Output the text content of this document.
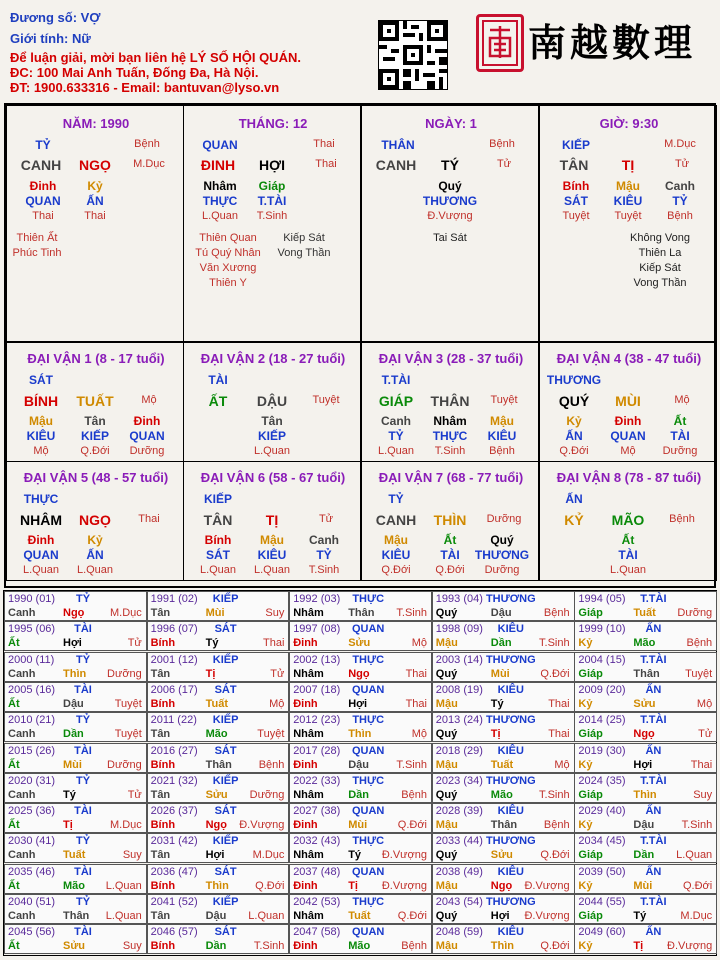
Đương số: VỢ
Giới tính: Nữ
Để luận giải, mời bạn liên hệ LÝ SỐ HỘI QUÁN.
ĐC: 100 Mai Anh Tuấn, Đống Đa, Hà Nội.
ĐT: 1900.633316 - Email: bantuvan@lyso.vn
南越數理
NĂM: 1990
TỶ	Bệnh
CANH NGỌ M.Dục
Đinh
QUAN
Thai
Kỷ
ẤN
Thai
Thiên Ất
Phúc Tinh
THÁNG: 12
QUAN	Thai
ĐINH HỢI	Thai
Nhâm
THỰC
L.Quan
Giáp
T.TÀI
T.Sinh
Thiên Quan
Tú Quý Nhân
Văn Xương
Thiên Y
Kiếp Sát
Vong Thần
NGÀY: 1
THÂN	Bệnh
CANH TÝ	Tử
Quý
THƯƠNG
Đ.Vượng
Tai Sát
GIỜ: 9:30
KIẾP	M.Dục
TÂN TỊ	Tử
Bính
SÁT
Tuyệt
Mậu
KIÊU
Tuyệt
Canh
TỶ
Bệnh
Không Vong
Thiên La
Kiếp Sát
Vong Thần
ĐẠI VẬN 1 (8 - 17 tuổi)
SÁT
BÍNH TUẤT	Mộ
Mậu
KIÊU
Mộ
Tân
KIẾP
Q.Đới
Đinh
QUAN
Dưỡng
ĐẠI VẬN 2 (18 - 27 tuổi)
TÀI
ẤT DẬU Tuyệt
Tân
KIẾP
L.Quan
ĐẠI VẬN 3 (28 - 37 tuổi)
T.TÀI
GIÁP THÂN Tuyệt
Canh
TỶ
L.Quan
Nhâm
THỰC
T.Sinh
Mậu
KIÊU
Bệnh
ĐẠI VẬN 4 (38 - 47 tuổi)
THƯƠNG
QUÝ MÙI	Mộ
Kỷ
ẤN
Q.Đới
Đinh
QUAN
Mộ
Ất
TÀI
Dưỡng
ĐẠI VẬN 5 (48 - 57 tuổi)
THỰC
NHÂM NGỌ Thai
Đinh
QUAN
L.Quan
Kỷ
ẤN
L.Quan
ĐẠI VẬN 6 (58 - 67 tuổi)
KIẾP
TÂN TỊ	Tử
Bính
SÁT
L.Quan
Mậu
KIÊU
L.Quan
Canh
TỶ
T.Sinh
ĐẠI VẬN 7 (68 - 77 tuổi)
TỶ
CANH THÌN Dưỡng
Mậu
KIÊU
Q.Đới
Ất
TÀI
Q.Đới
Quý
THƯƠNG
Dưỡng
ĐẠI VẬN 8 (78 - 87 tuổi)
ẤN
KỶ MÃO Bệnh
Ất
TÀI
L.Quan
1990 (01) TỶ
Canh	Ngọ M.Dục
1991 (02) KIẾP
Tân	Mùi	Suy
1992 (03) THỰC
Nhâm Thân T.Sinh
1993 (04) THƯƠNG
Quý	Dậu	Bệnh
1994 (05) T.TÀI
Giáp	Tuất Dưỡng
1995 (06) TÀI
Ất	Hợi	Tử
1996 (07) SÁT
Bính	Tý	Thai
1997 (08) QUAN
Đinh	Sửu	Mộ
1998 (09) KIÊU
Mậu	Dần T.Sinh
1999 (10) ẤN
Kỷ	Mão	Bệnh
2000 (11) TỶ
Canh	Thìn Dưỡng
2001 (12) KIẾP
Tân	Tị	Tử
2002 (13) THỰC
Nhâm Ngọ	Thai
2003 (14) THƯƠNG
Quý	Mùi	Q.Đới
2004 (15) T.TÀI
Giáp	Thân Tuyệt
2005 (16) TÀI
Ất	Dậu	Tuyệt
2006 (17) SÁT
Bính	Tuất	Mộ
2007 (18) QUAN
Đinh	Hợi	Thai
2008 (19) KIÊU
Mậu	Tý	Thai
2009 (20) ẤN
Kỷ	Sửu	Mộ
2010 (21) TỶ
Canh	Dần	Tuyệt
2011 (22) KIẾP
Tân	Mão	Tuyệt
2012 (23) THỰC
Nhâm Thìn	Mộ
2013 (24) THƯƠNG
Quý	Tị	Thai
2014 (25) T.TÀI
Giáp	Ngọ	Tử
2015 (26) TÀI
Ất	Mùi Dưỡng
2016 (27) SÁT
Bính	Thân Bệnh
2017 (28) QUAN
Đinh	Dậu T.Sinh
2018 (29) KIÊU
Mậu	Tuất	Mộ
2019 (30) ẤN
Kỷ	Hợi	Thai
2020 (31) TỶ
Canh	Tý	Tử
2021 (32) KIẾP
Tân	Sửu Dưỡng
2022 (33) THỰC
Nhâm Dần	Bệnh
2023 (34) THƯƠNG
Quý	Mão T.Sinh
2024 (35) T.TÀI
Giáp	Thìn	Suy
2025 (36) TÀI
Ất	Tị	M.Dục
2026 (37) SÁT
Bính	Ngọ Đ.Vượng
2027 (38) QUAN
Đinh	Mùi	Q.Đới
2028 (39) KIÊU
Mậu	Thân Bệnh
2029 (40) ẤN
Kỷ	Dậu T.Sinh
2030 (41) TỶ
Canh	Tuất	Suy
2031 (42) KIẾP
Tân	Hợi	M.Dục
2032 (43) THỰC
Nhâm Tý Đ.Vượng
2033 (44) THƯƠNG
Quý	Sửu	Q.Đới
2034 (45) T.TÀI
Giáp	Dần L.Quan
2035 (46) TÀI
Ất	Mão L.Quan
2036 (47) SÁT
Bính	Thìn Q.Đới
2037 (48) QUAN
Đinh	Tị Đ.Vượng
2038 (49) KIÊU
Mậu	Ngọ Đ.Vượng
2039 (50) ẤN
Kỷ	Mùi	Q.Đới
2040 (51) TỶ
Canh	Thân L.Quan
2041 (52) KIẾP
Tân	Dậu L.Quan
2042 (53) THỰC
Nhâm Tuất Q.Đới
2043 (54) THƯƠNG
Quý	Hợi Đ.Vượng
2044 (55) T.TÀI
Giáp	Tý	M.Dục
2045 (56) TÀI
Ất	Sửu	Suy
2046 (57) SÁT
Bính	Dần T.Sinh
2047 (58) QUAN
Đinh	Mão	Bệnh
2048 (59) KIÊU
Mậu	Thìn Q.Đới
2049 (60) ẤN
Kỷ	Tị Đ.Vượng
